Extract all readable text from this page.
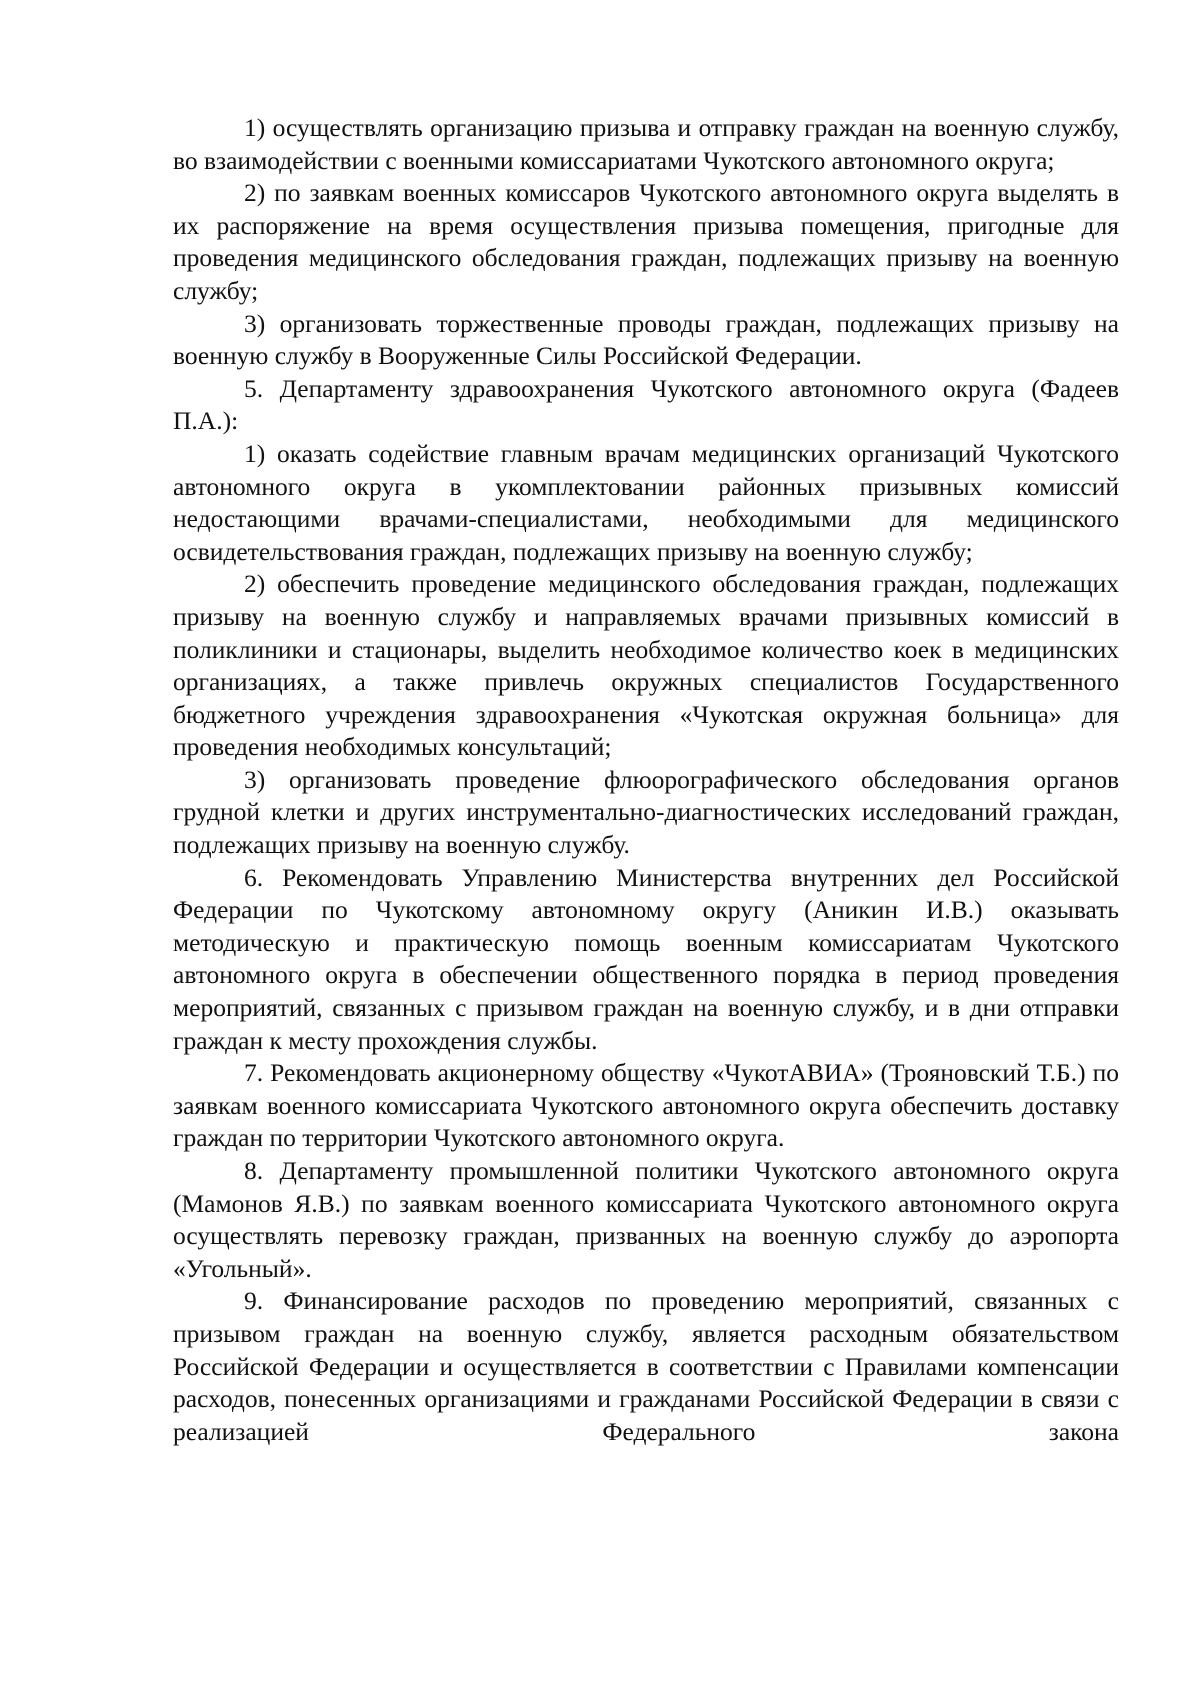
1) осуществлять организацию призыва и отправку граждан на военную службу, во взаимодействии с военными комиссариатами Чукотского автономного округа;

2) по заявкам военных комиссаров Чукотского автономного округа выделять в их распоряжение на время осуществления призыва помещения, пригодные для проведения медицинского обследования граждан, подлежащих призыву на военную службу;

3) организовать торжественные проводы граждан, подлежащих призыву на военную службу в Вооруженные Силы Российской Федерации.

5. Департаменту здравоохранения Чукотского автономного округа (Фадеев П.А.):

1) оказать содействие главным врачам медицинских организаций Чукотского автономного округа в укомплектовании районных призывных комиссий недостающими врачами-специалистами, необходимыми для медицинского освидетельствования граждан, подлежащих призыву на военную службу;

2) обеспечить проведение медицинского обследования граждан, подлежащих призыву на военную службу и направляемых врачами призывных комиссий в поликлиники и стационары, выделить необходимое количество коек в медицинских организациях, а также привлечь окружных специалистов Государственного бюджетного учреждения здравоохранения «Чукотская окружная больница» для проведения необходимых консультаций;

3) организовать проведение флюорографического обследования органов грудной клетки и других инструментально-диагностических исследований граждан, подлежащих призыву на военную службу.

6. Рекомендовать Управлению Министерства внутренних дел Российской Федерации по Чукотскому автономному округу (Аникин И.В.) оказывать методическую и практическую помощь военным комиссариатам Чукотского автономного округа в обеспечении общественного порядка в период проведения мероприятий, связанных с призывом граждан на военную службу, и в дни отправки граждан к месту прохождения службы.

7. Рекомендовать акционерному обществу «ЧукотАВИА» (Трояновский Т.Б.) по заявкам военного комиссариата Чукотского автономного округа обеспечить доставку граждан по территории Чукотского автономного округа.

8. Департаменту промышленной политики Чукотского автономного округа (Мамонов Я.В.) по заявкам военного комиссариата Чукотского автономного округа осуществлять перевозку граждан, призванных на военную службу до аэропорта «Угольный».

9. Финансирование расходов по проведению мероприятий, связанных с призывом граждан на военную службу, является расходным обязательством Российской Федерации и осуществляется в соответствии с Правилами компенсации расходов, понесенных организациями и гражданами Российской Федерации в связи с реализацией Федерального закона
